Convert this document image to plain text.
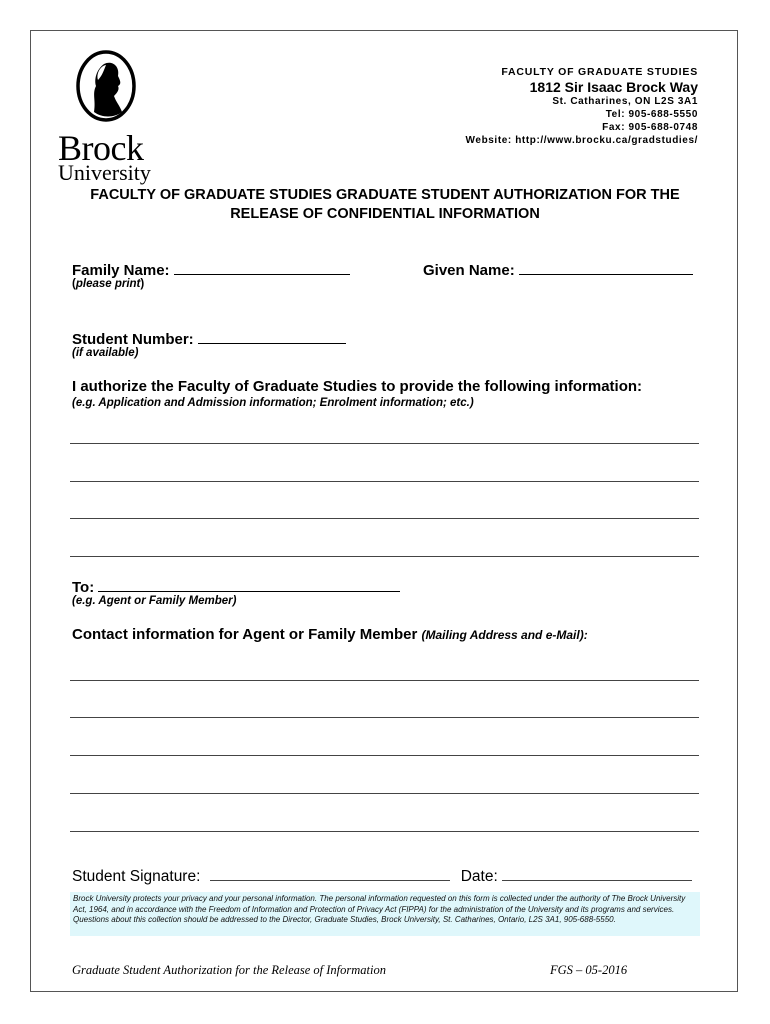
Brock
University
FACULTY OF GRADUATE STUDIES
1812 Sir Isaac Brock Way
St. Catharines, ON L2S 3A1
Tel: 905-688-5550
Fax: 905-688-0748
Website: http://www.brocku.ca/gradstudies/
FACULTY OF GRADUATE STUDIES GRADUATE STUDENT AUTHORIZATION FOR THE
RELEASE OF CONFIDENTIAL INFORMATION
Family Name:
(please print)
Given Name:
Student Number:
(if available)
I authorize the Faculty of Graduate Studies to provide the following information:
(e.g. Application and Admission information; Enrolment information; etc.)
To:
(e.g. Agent or Family Member)
Contact information for Agent or Family Member (Mailing Address and e-Mail):
Student Signature:	Date:
Brock University protects your privacy and your personal information. The personal information requested on this form is collected under the authority of The Brock University Act, 1964, and in accordance with the Freedom of Information and Protection of Privacy Act (FIPPA) for the administration of the University and its programs and services. Questions about this collection should be addressed to the Director, Graduate Studies, Brock University, St. Catharines, Ontario, L2S 3A1, 905-688-5550.
Graduate Student Authorization for the Release of Information	FGS – 05-2016
